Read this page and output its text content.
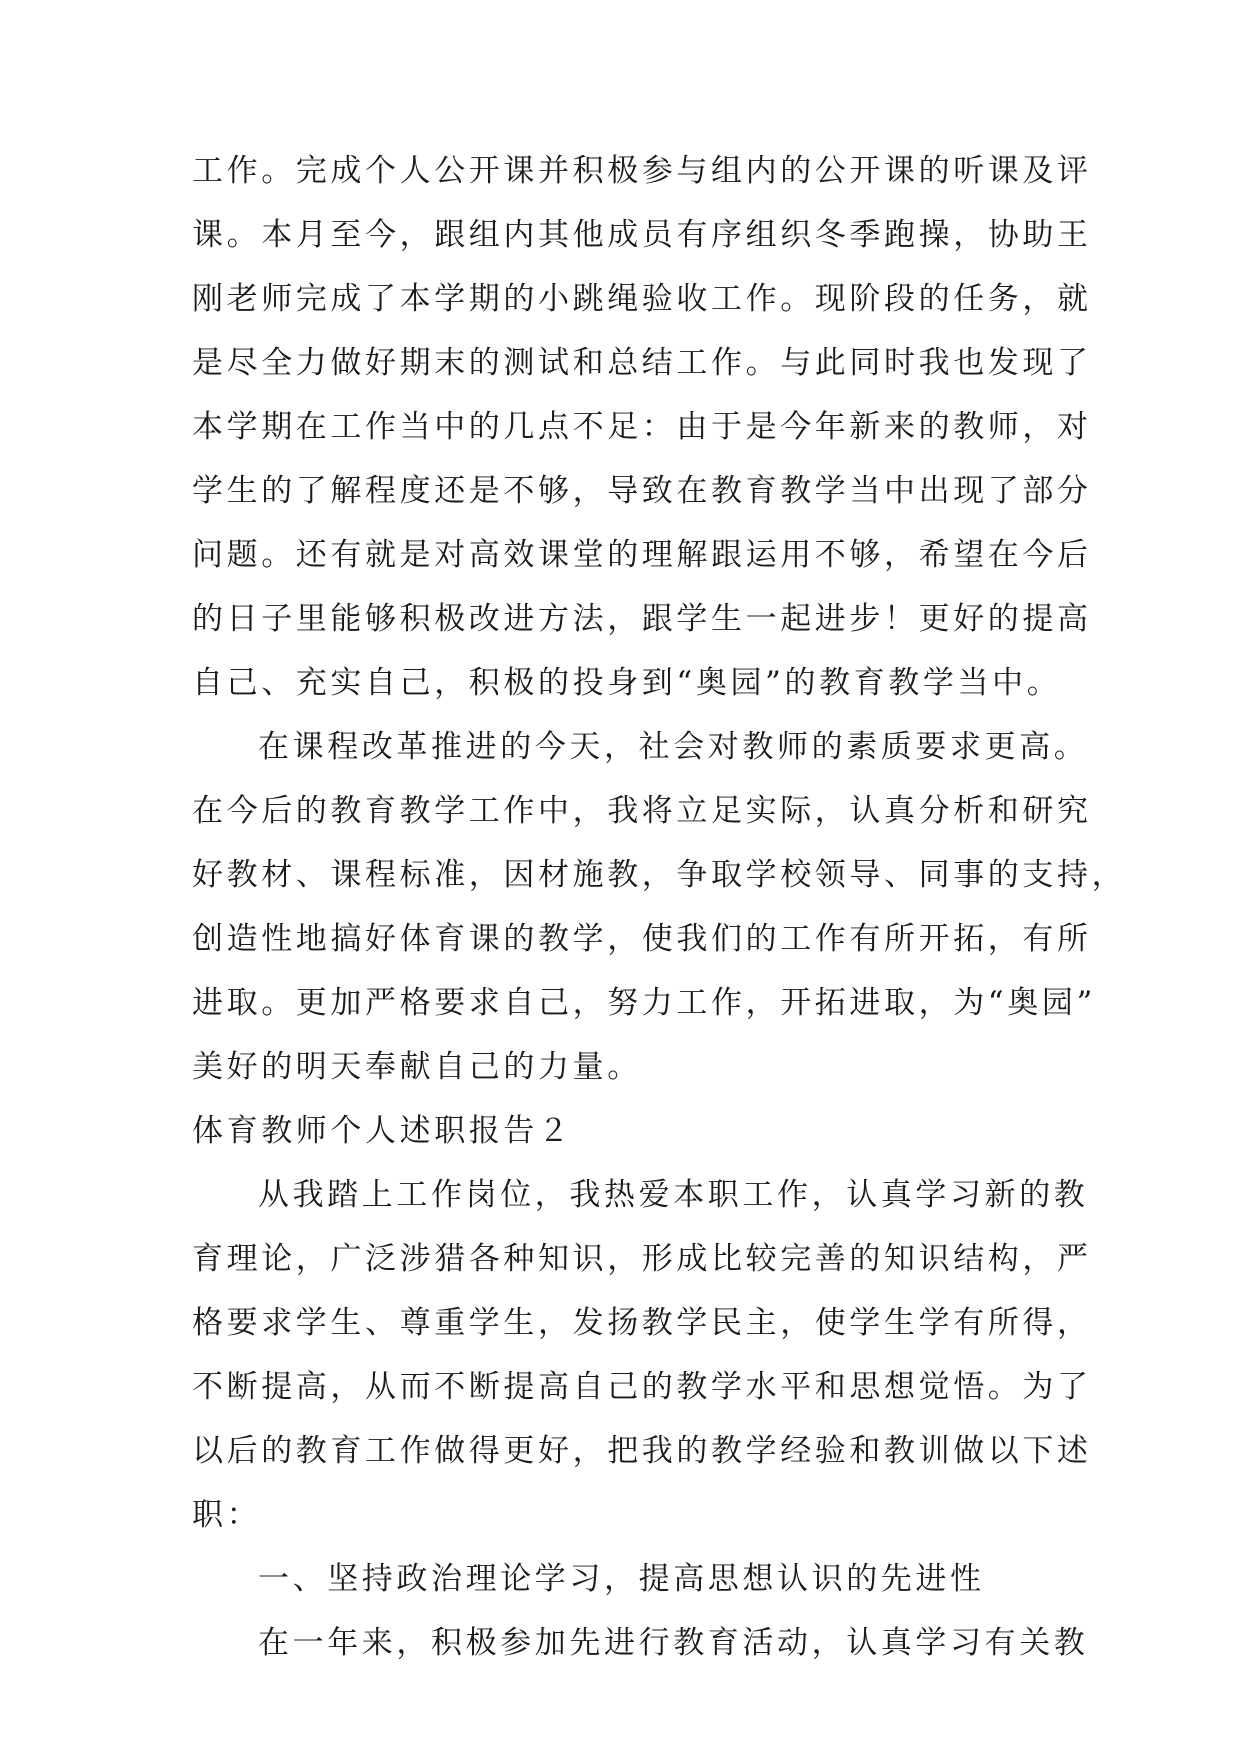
工作。完成个人公开课并积极参与组内的公开课的听课及评

课。本月至今，跟组内其他成员有序组织冬季跑操，协助王

刚老师完成了本学期的小跳绳验收工作。现阶段的任务，就

是尽全力做好期末的测试和总结工作。与此同时我也发现了

本学期在工作当中的几点不足：由于是今年新来的教师，对

学生的了解程度还是不够，导致在教育教学当中出现了部分

问题。还有就是对高效课堂的理解跟运用不够，希望在今后

的日子里能够积极改进方法，跟学生一起进步！更好的提高

自己、充实自己，积极的投身到“奥园”的教育教学当中。

在课程改革推进的今天，社会对教师的素质要求更高。

在今后的教育教学工作中，我将立足实际，认真分析和研究

好教材、课程标准，因材施教，争取学校领导、同事的支持，

创造性地搞好体育课的教学，使我们的工作有所开拓，有所

进取。更加严格要求自己，努力工作，开拓进取，为“奥园”

美好的明天奉献自己的力量。

体育教师个人述职报告２

从我踏上工作岗位，我热爱本职工作，认真学习新的教

育理论，广泛涉猎各种知识，形成比较完善的知识结构，严

格要求学生、尊重学生，发扬教学民主，使学生学有所得，

不断提高，从而不断提高自己的教学水平和思想觉悟。为了

以后的教育工作做得更好，把我的教学经验和教训做以下述

职：

一、坚持政治理论学习，提高思想认识的先进性

在一年来，积极参加先进行教育活动，认真学习有关教
